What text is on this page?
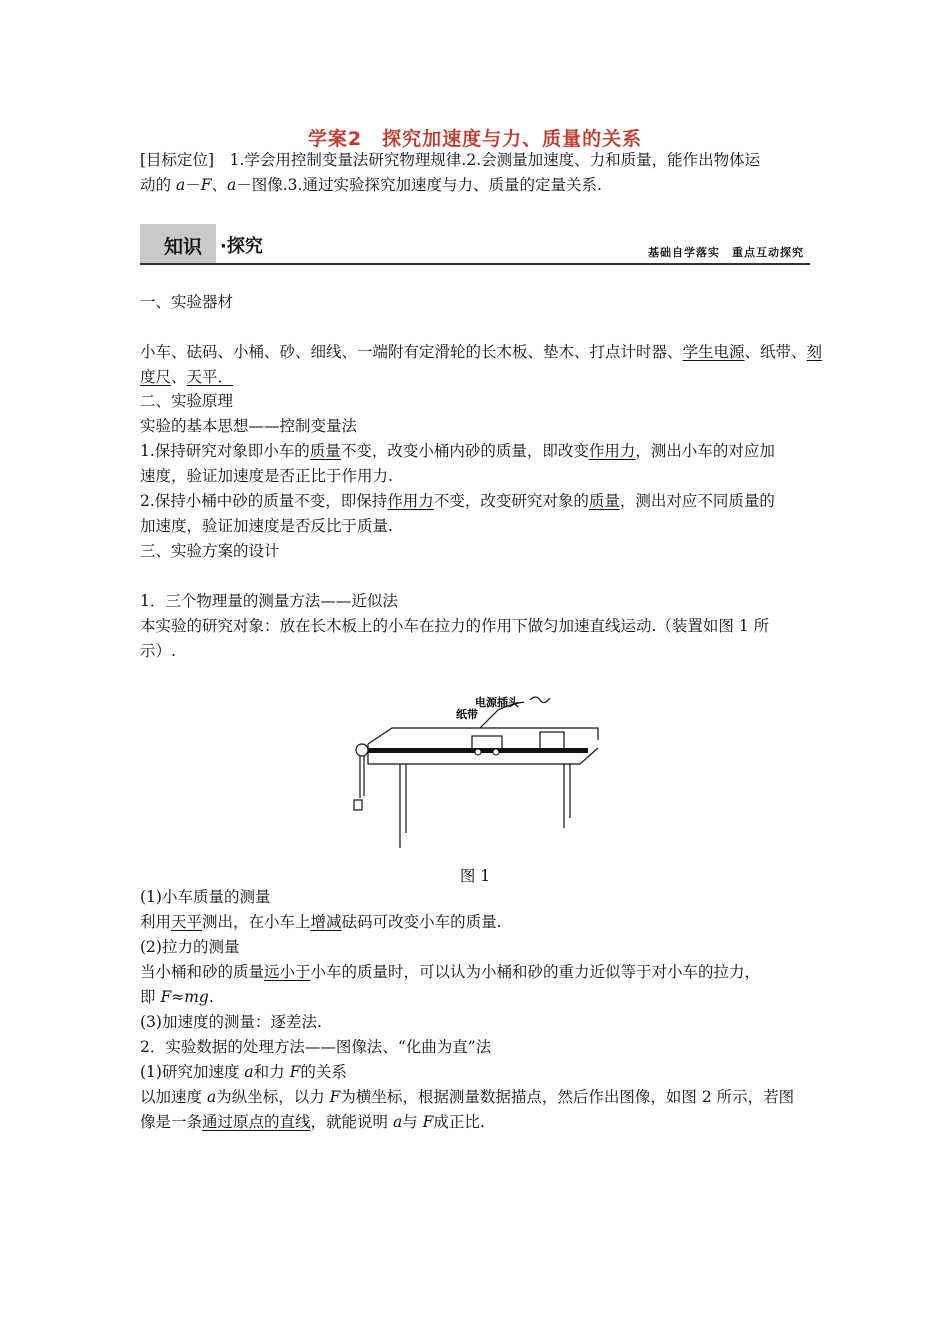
学案2　探究加速度与力、质量的关系
[目标定位]　1.学会用控制变量法研究物理规律.2.会测量加速度、力和质量，能作出物体运
动的 a－F、a－图像.3.通过实验探究加速度与力、质量的定量关系.
知识 ·探究	基础自学落实　重点互动探究
一、实验器材
小车、砝码、小桶、砂、细线、一端附有定滑轮的长木板、垫木、打点计时器、学生电源、纸带、刻
度尺、天平．
二、实验原理
实验的基本思想——控制变量法
1.保持研究对象即小车的质量不变，改变小桶内砂的质量，即改变作用力，测出小车的对应加
速度，验证加速度是否正比于作用力.
2.保持小桶中砂的质量不变，即保持作用力不变，改变研究对象的质量，测出对应不同质量的
加速度，验证加速度是否反比于质量.
三、实验方案的设计
1．三个物理量的测量方法——近似法
本实验的研究对象：放在长木板上的小车在拉力的作用下做匀加速直线运动.（装置如图 1 所
示）.
电源插头
纸带
图 1
(1)小车质量的测量
利用天平测出，在小车上增减砝码可改变小车的质量.
(2)拉力的测量
当小桶和砂的质量远小于小车的质量时，可以认为小桶和砂的重力近似等于对小车的拉力，
即 F≈mg.
(3)加速度的测量：逐差法.
2．实验数据的处理方法——图像法、“化曲为直”法
(1)研究加速度 a和力 F的关系
以加速度 a为纵坐标，以力 F为横坐标，根据测量数据描点，然后作出图像，如图 2 所示，若图
像是一条通过原点的直线，就能说明 a与 F成正比.
